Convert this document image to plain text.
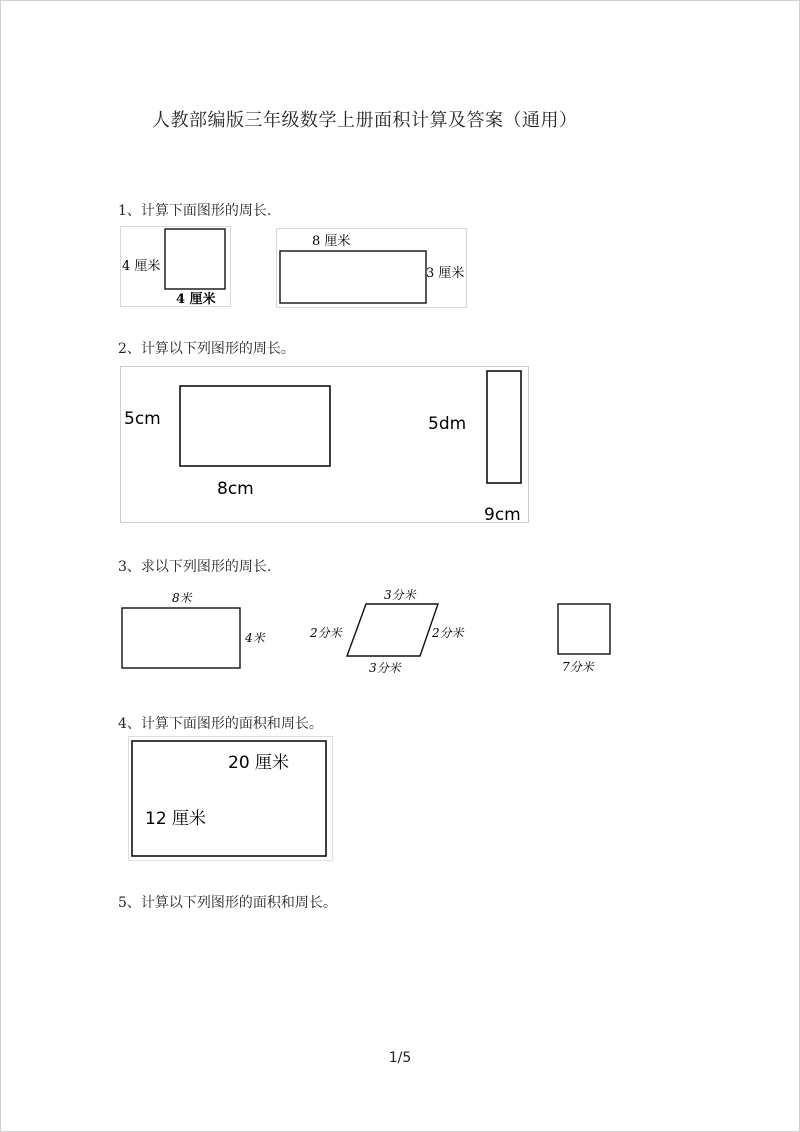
人教部编版三年级数学上册面积计算及答案（通用）
1、计算下面图形的周长.
4 厘米
4 厘米
8 厘米
3 厘米
2、计算以下列图形的周长。
5cm
8cm
5dm
9cm
3、求以下列图形的周长.
8米
4米
3分米
2分米	2分米
3分米	7分米
4、计算下面图形的面积和周长。
20 厘米
12 厘米
5、计算以下列图形的面积和周长。
1/5
